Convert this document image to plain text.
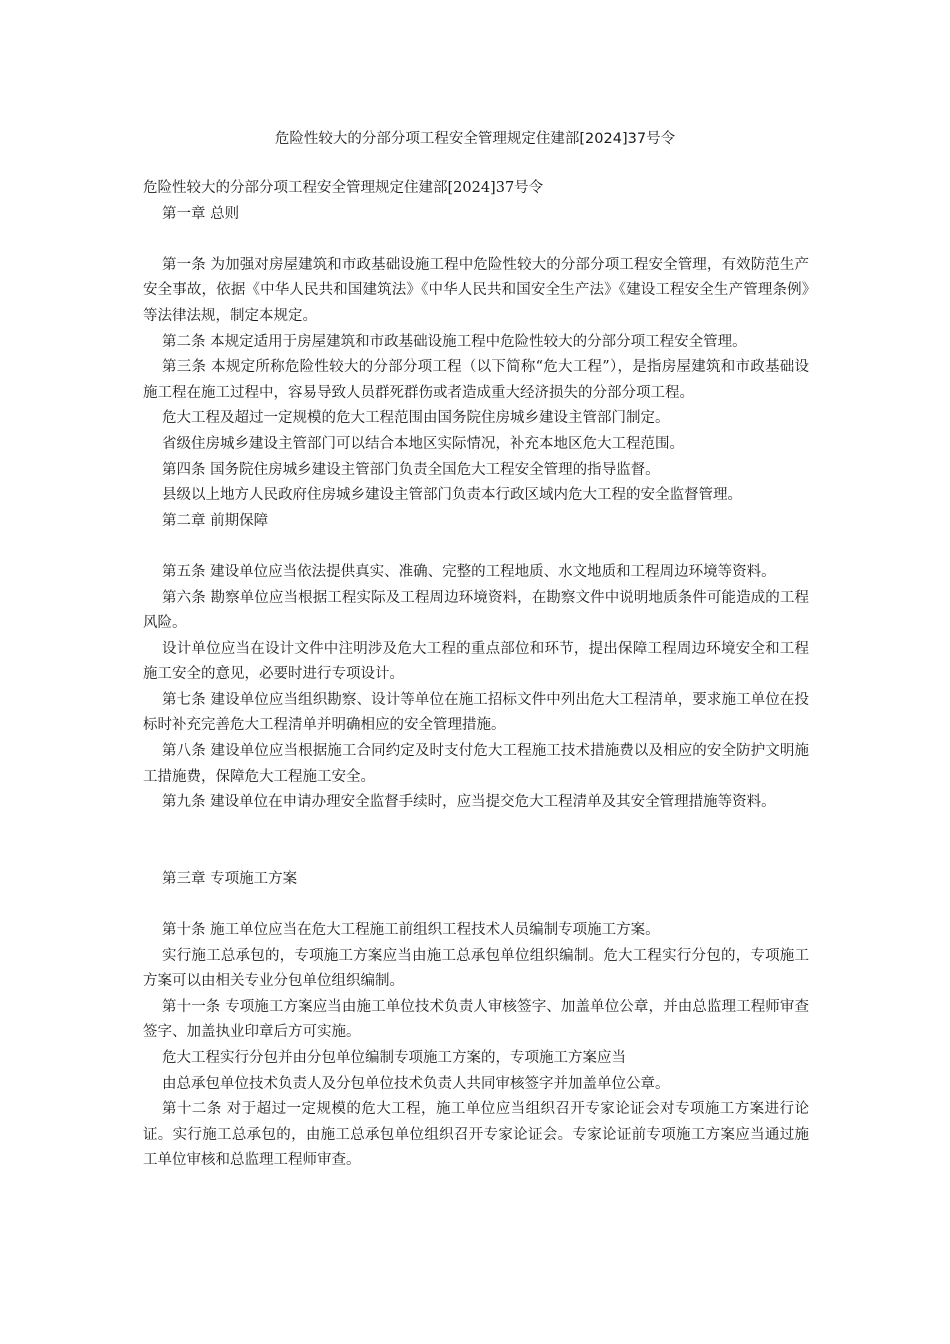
危险性较大的分部分项工程安全管理规定住建部[2024]37号令

危险性较大的分部分项工程安全管理规定住建部[2024]37号令

第一章 总则

第一条 为加强对房屋建筑和市政基础设施工程中危险性较大的分部分项工程安全管理，有效防范生产安全事故，依据《中华人民共和国建筑法》《中华人民共和国安全生产法》《建设工程安全生产管理条例》等法律法规，制定本规定。

第二条 本规定适用于房屋建筑和市政基础设施工程中危险性较大的分部分项工程安全管理。

第三条 本规定所称危险性较大的分部分项工程（以下简称“危大工程”），是指房屋建筑和市政基础设施工程在施工过程中，容易导致人员群死群伤或者造成重大经济损失的分部分项工程。

危大工程及超过一定规模的危大工程范围由国务院住房城乡建设主管部门制定。

省级住房城乡建设主管部门可以结合本地区实际情况，补充本地区危大工程范围。

第四条 国务院住房城乡建设主管部门负责全国危大工程安全管理的指导监督。

县级以上地方人民政府住房城乡建设主管部门负责本行政区域内危大工程的安全监督管理。

第二章 前期保障

第五条 建设单位应当依法提供真实、准确、完整的工程地质、水文地质和工程周边环境等资料。

第六条 勘察单位应当根据工程实际及工程周边环境资料，在勘察文件中说明地质条件可能造成的工程风险。

设计单位应当在设计文件中注明涉及危大工程的重点部位和环节，提出保障工程周边环境安全和工程施工安全的意见，必要时进行专项设计。

第七条 建设单位应当组织勘察、设计等单位在施工招标文件中列出危大工程清单，要求施工单位在投标时补充完善危大工程清单并明确相应的安全管理措施。

第八条 建设单位应当根据施工合同约定及时支付危大工程施工技术措施费以及相应的安全防护文明施工措施费，保障危大工程施工安全。

第九条 建设单位在申请办理安全监督手续时，应当提交危大工程清单及其安全管理措施等资料。

第三章 专项施工方案

第十条 施工单位应当在危大工程施工前组织工程技术人员编制专项施工方案。

实行施工总承包的，专项施工方案应当由施工总承包单位组织编制。危大工程实行分包的，专项施工方案可以由相关专业分包单位组织编制。

第十一条 专项施工方案应当由施工单位技术负责人审核签字、加盖单位公章，并由总监理工程师审查签字、加盖执业印章后方可实施。

危大工程实行分包并由分包单位编制专项施工方案的，专项施工方案应当

由总承包单位技术负责人及分包单位技术负责人共同审核签字并加盖单位公章。

第十二条 对于超过一定规模的危大工程，施工单位应当组织召开专家论证会对专项施工方案进行论证。实行施工总承包的，由施工总承包单位组织召开专家论证会。专家论证前专项施工方案应当通过施工单位审核和总监理工程师审查。
